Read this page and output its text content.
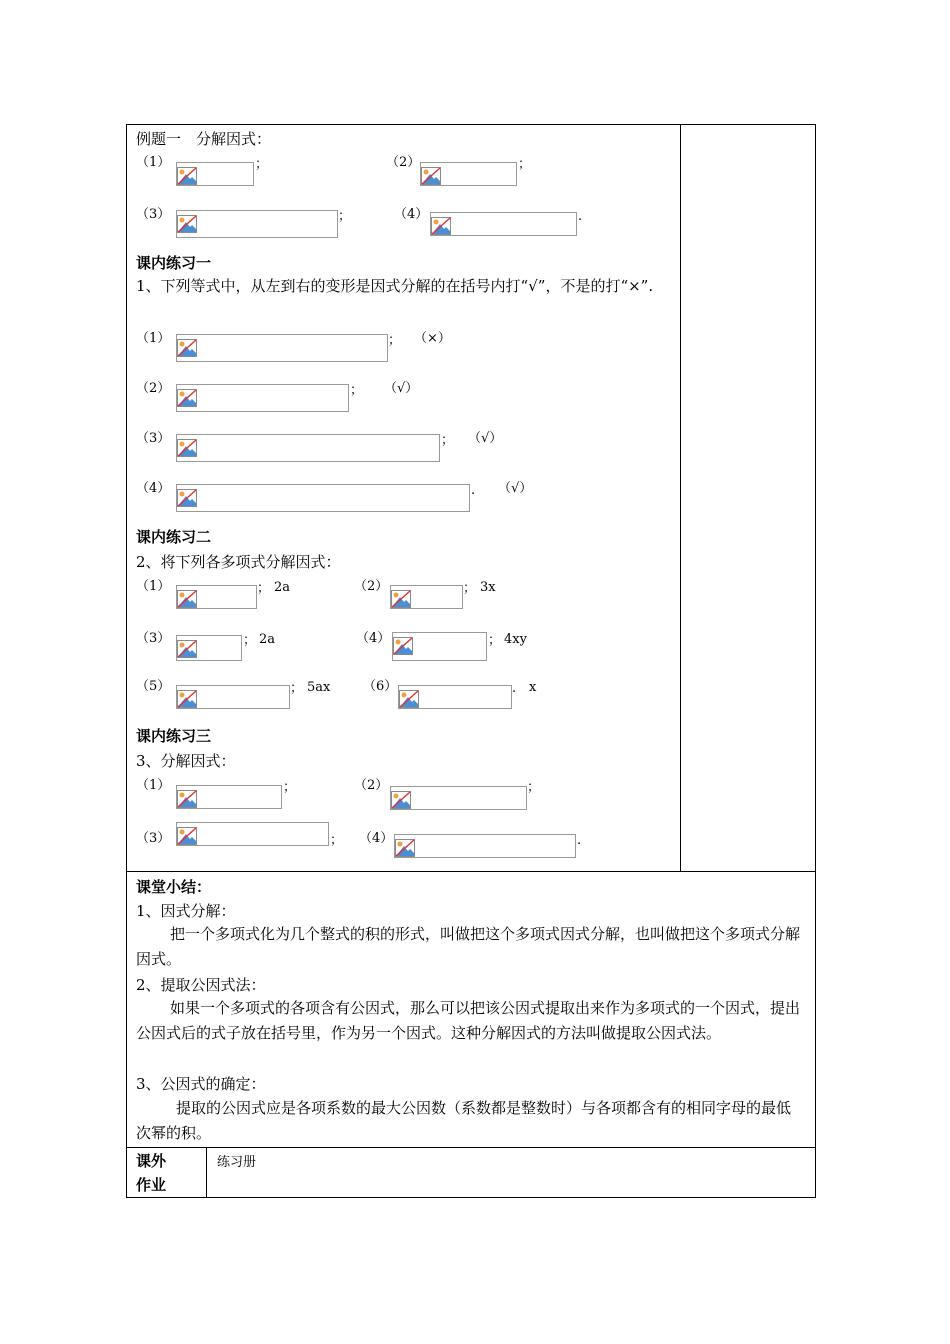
例题一　分解因式：
（1）	；	（2）	；
（3）	；	（4）	.
课内练习一
1、下列等式中，从左到右的变形是因式分解的在括号内打“√”，不是的打“×”.
（1）	； （×）
（2）	； （√）
（3）	； （√）
（4）	. （√）
课内练习二
2、将下列各多项式分解因式：
（1）	； 2a	（2）	； 3x
（3）	； 2a	（4）	； 4xy
（5）	； 5ax	（6）	. x
课内练习三
3、分解因式：
（1）	；	（2）	；
（3）	； （4）	.
课堂小结：
1、因式分解：
把一个多项式化为几个整式的积的形式，叫做把这个多项式因式分解，也叫做把这个多项式分解因式。
2、提取公因式法：
如果一个多项式的各项含有公因式，那么可以把该公因式提取出来作为多项式的一个因式，提出公因式后的式子放在括号里，作为另一个因式。这种分解因式的方法叫做提取公因式法。
3、公因式的确定：
提取的公因式应是各项系数的最大公因数（系数都是整数时）与各项都含有的相同字母的最低次幂的积。
课外
作业
练习册
